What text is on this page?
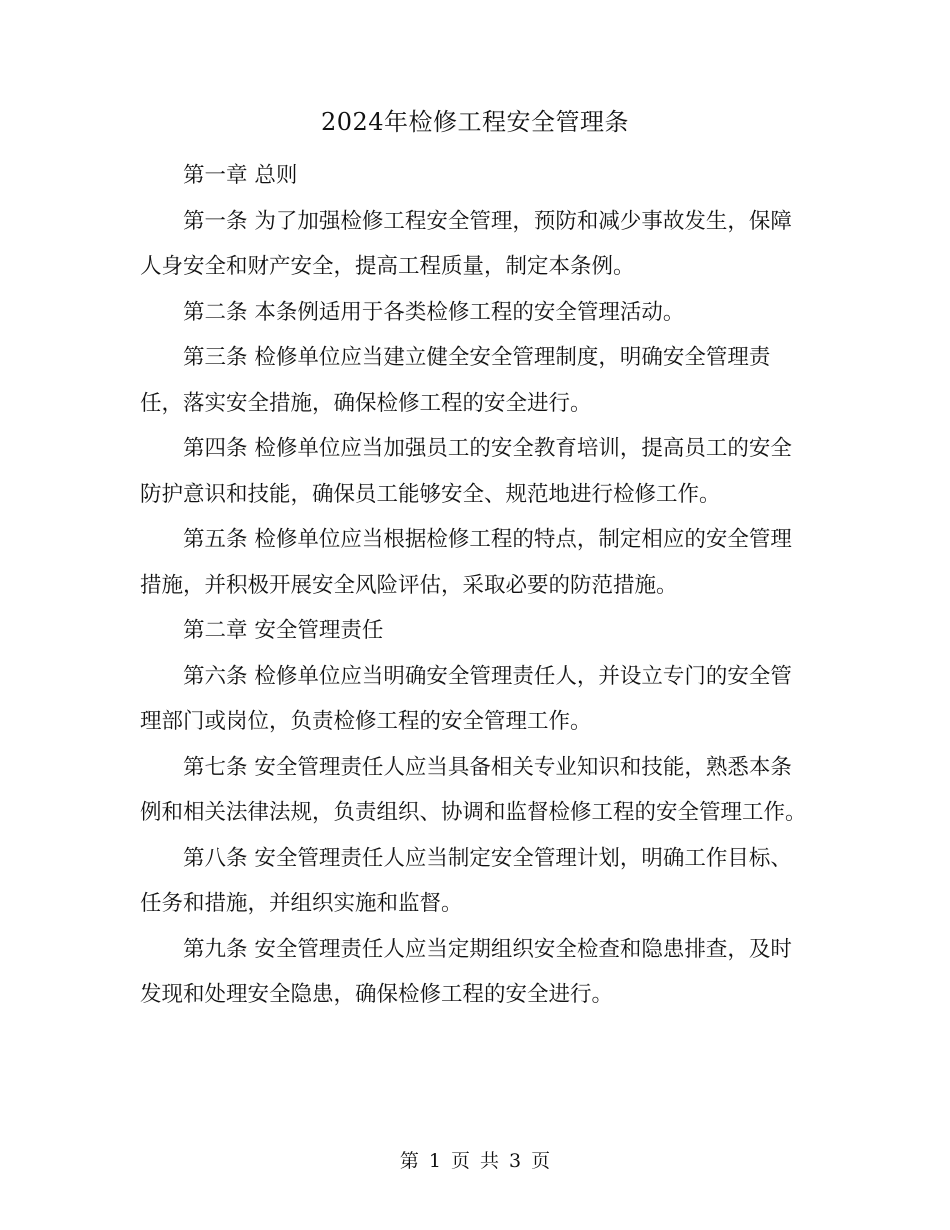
2024年检修工程安全管理条

第一章 总则

第一条 为了加强检修工程安全管理，预防和减少事故发生，保障人身安全和财产安全，提高工程质量，制定本条例。

第二条 本条例适用于各类检修工程的安全管理活动。

第三条 检修单位应当建立健全安全管理制度，明确安全管理责任，落实安全措施，确保检修工程的安全进行。

第四条 检修单位应当加强员工的安全教育培训，提高员工的安全防护意识和技能，确保员工能够安全、规范地进行检修工作。

第五条 检修单位应当根据检修工程的特点，制定相应的安全管理措施，并积极开展安全风险评估，采取必要的防范措施。

第二章 安全管理责任

第六条 检修单位应当明确安全管理责任人，并设立专门的安全管理部门或岗位，负责检修工程的安全管理工作。

第七条 安全管理责任人应当具备相关专业知识和技能，熟悉本条例和相关法律法规，负责组织、协调和监督检修工程的安全管理工作。

第八条 安全管理责任人应当制定安全管理计划，明确工作目标、任务和措施，并组织实施和监督。

第九条 安全管理责任人应当定期组织安全检查和隐患排查，及时发现和处理安全隐患，确保检修工程的安全进行。

第 1 页 共 3 页
